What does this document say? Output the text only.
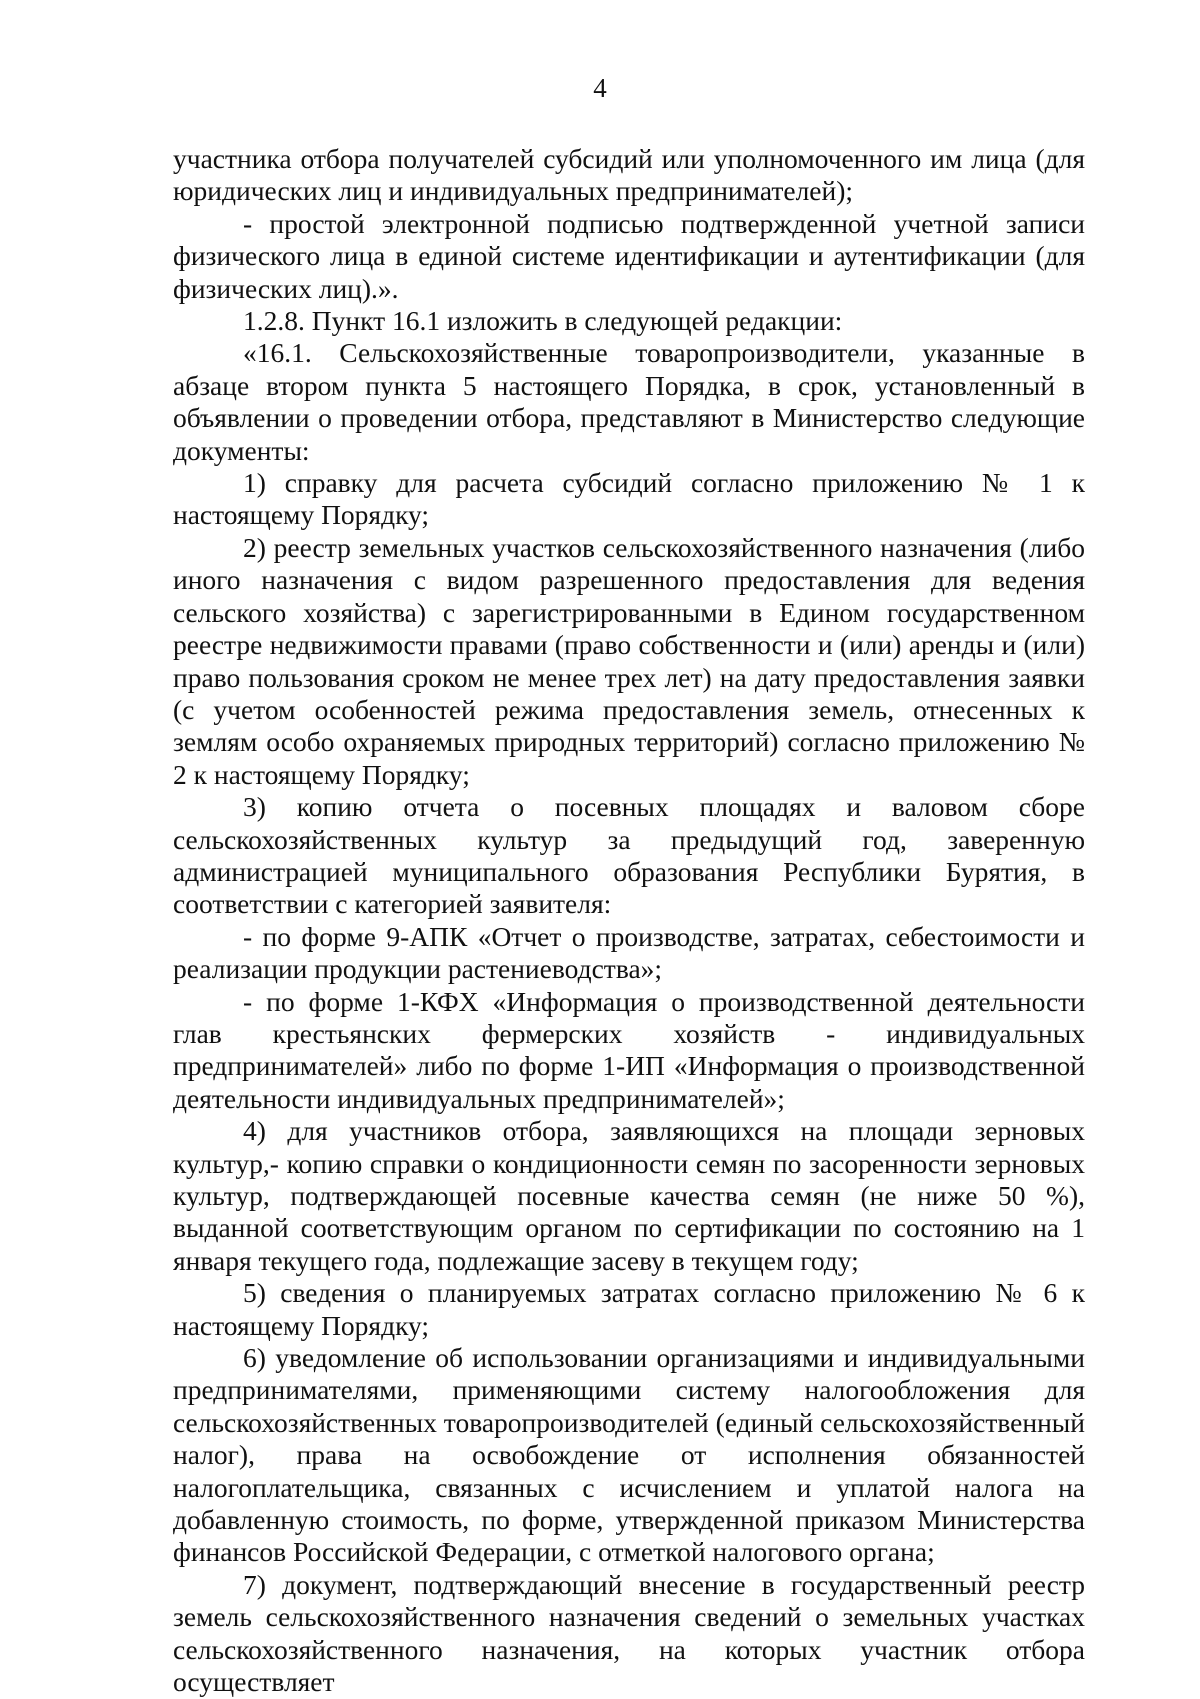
4

участника отбора получателей субсидий или уполномоченного им лица (для юридических лиц и индивидуальных предпринимателей);

- простой электронной подписью подтвержденной учетной записи физического лица в единой системе идентификации и аутентификации (для физических лиц).».

1.2.8. Пункт 16.1 изложить в следующей редакции:

«16.1. Сельскохозяйственные товаропроизводители, указанные в абзаце втором пункта 5 настоящего Порядка, в срок, установленный в объявлении о проведении отбора, представляют в Министерство следующие документы:

1) справку для расчета субсидий согласно приложению № 1 к настоящему Порядку;

2) реестр земельных участков сельскохозяйственного назначения (либо иного назначения с видом разрешенного предоставления для ведения сельского хозяйства) с зарегистрированными в Едином государственном реестре недвижимости правами (право собственности и (или) аренды и (или) право пользования сроком не менее трех лет) на дату предоставления заявки (с учетом особенностей режима предоставления земель, отнесенных к землям особо охраняемых природных территорий) согласно приложению № 2 к настоящему Порядку;

3) копию отчета о посевных площадях и валовом сборе сельскохозяйственных культур за предыдущий год, заверенную администрацией муниципального образования Республики Бурятия, в соответствии с категорией заявителя:

- по форме 9-АПК «Отчет о производстве, затратах, себестоимости и реализации продукции растениеводства»;

- по форме 1-КФХ «Информация о производственной деятельности глав крестьянских фермерских хозяйств - индивидуальных предпринимателей» либо по форме 1-ИП «Информация о производственной деятельности индивидуальных предпринимателей»;

4) для участников отбора, заявляющихся на площади зерновых культур,- копию справки о кондиционности семян по засоренности зерновых культур, подтверждающей посевные качества семян (не ниже 50 %), выданной соответствующим органом по сертификации по состоянию на 1 января текущего года, подлежащие засеву в текущем году;

5) сведения о планируемых затратах согласно приложению № 6 к настоящему Порядку;

6) уведомление об использовании организациями и индивидуальными предпринимателями, применяющими систему налогообложения для сельскохозяйственных товаропроизводителей (единый сельскохозяйственный налог), права на освобождение от исполнения обязанностей налогоплательщика, связанных с исчислением и уплатой налога на добавленную стоимость, по форме, утвержденной приказом Министерства финансов Российской Федерации, с отметкой налогового органа;

7) документ, подтверждающий внесение в государственный реестр земель сельскохозяйственного назначения сведений о земельных участках сельскохозяйственного назначения, на которых участник отбора осуществляет
